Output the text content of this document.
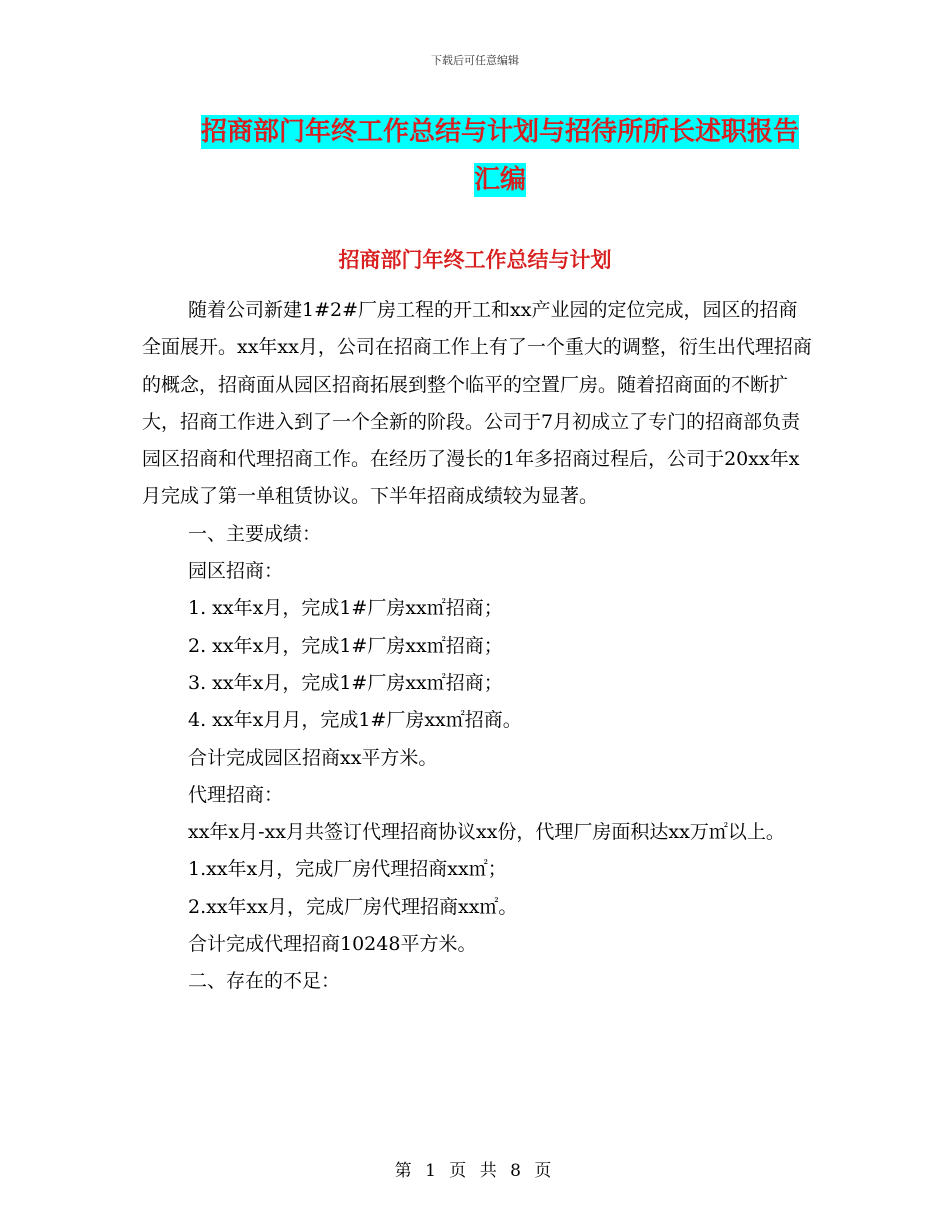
下载后可任意编辑
招商部门年终工作总结与计划与招待所所长述职报告
汇编
招商部门年终工作总结与计划

随着公司新建1#2#厂房工程的开工和xx产业园的定位完成，园区的招商全面展开。xx年xx月，公司在招商工作上有了一个重大的调整，衍生出代理招商的概念，招商面从园区招商拓展到整个临平的空置厂房。随着招商面的不断扩大，招商工作进入到了一个全新的阶段。公司于7月初成立了专门的招商部负责园区招商和代理招商工作。在经历了漫长的1年多招商过程后，公司于20xx年x月完成了第一单租赁协议。下半年招商成绩较为显著。

一、主要成绩：

园区招商：

1. xx年x月，完成1#厂房xx㎡招商；

2. xx年x月，完成1#厂房xx㎡招商；

3. xx年x月，完成1#厂房xx㎡招商；

4. xx年x月月，完成1#厂房xx㎡招商。

合计完成园区招商xx平方米。

代理招商：

xx年x月-xx月共签订代理招商协议xx份，代理厂房面积达xx万㎡以上。

1.xx年x月，完成厂房代理招商xx㎡；

2.xx年xx月，完成厂房代理招商xx㎡。

合计完成代理招商10248平方米。

二、存在的不足：

第 1 页 共 8 页
